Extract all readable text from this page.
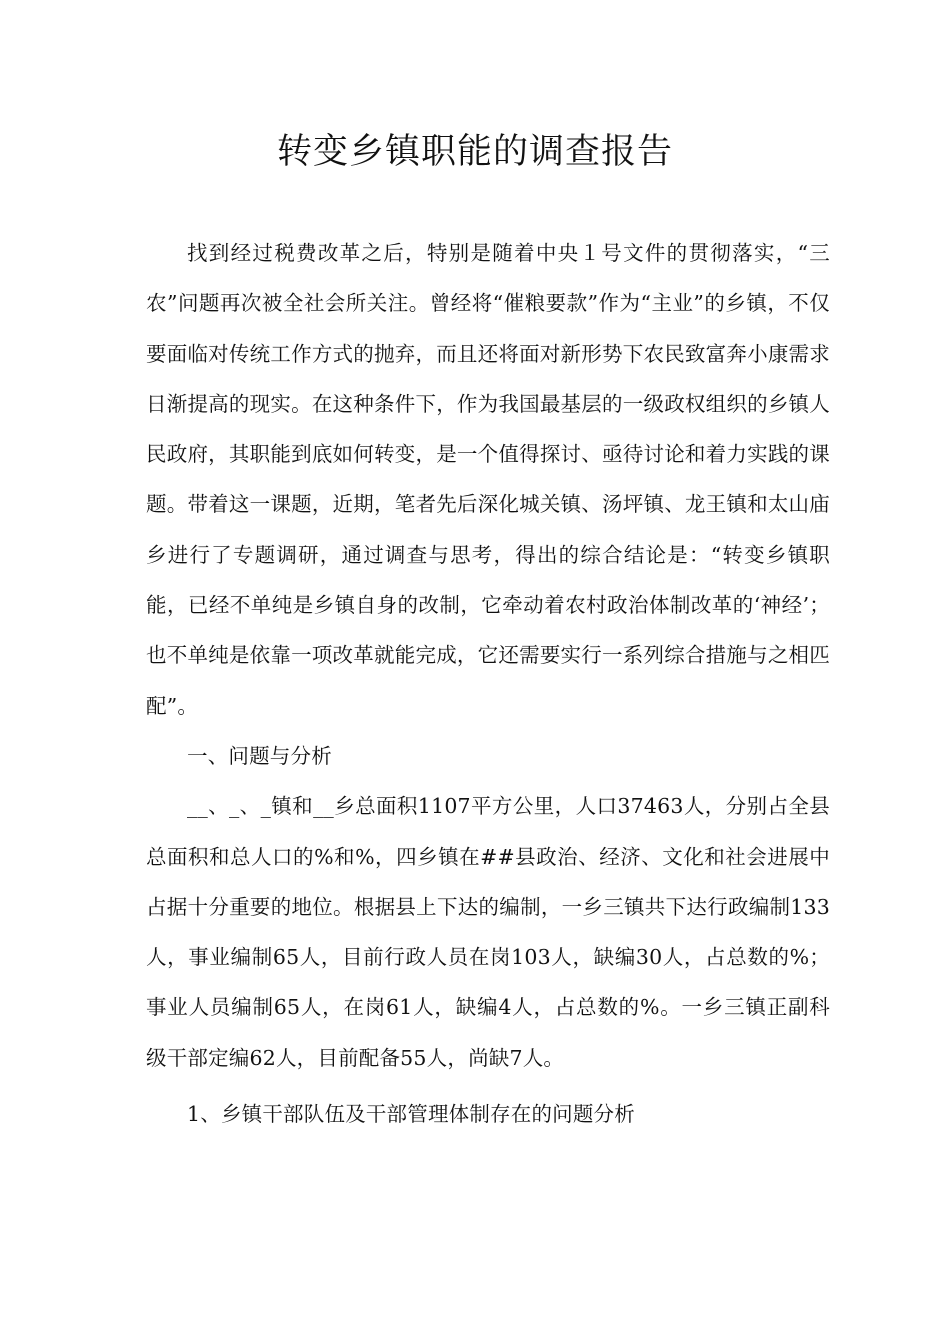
转变乡镇职能的调查报告

找到经过税费改革之后，特别是随着中央１号文件的贯彻落实，“三农”问题再次被全社会所关注。曾经将“催粮要款”作为“主业”的乡镇，不仅要面临对传统工作方式的抛弃，而且还将面对新形势下农民致富奔小康需求日渐提高的现实。在这种条件下，作为我国最基层的一级政权组织的乡镇人民政府，其职能到底如何转变，是一个值得探讨、亟待讨论和着力实践的课题。带着这一课题，近期，笔者先后深化城关镇、汤坪镇、龙王镇和太山庙乡进行了专题调研，通过调查与思考，得出的综合结论是：“转变乡镇职能，已经不单纯是乡镇自身的改制，它牵动着农村政治体制改革的‘神经’；也不单纯是依靠一项改革就能完成，它还需要实行一系列综合措施与之相匹配”。

一、问题与分析

__、_、_镇和__乡总面积1107平方公里，人口37463人，分别占全县总面积和总人口的%和%，四乡镇在##县政治、经济、文化和社会进展中占据十分重要的地位。根据县上下达的编制，一乡三镇共下达行政编制133人，事业编制65人，目前行政人员在岗103人，缺编30人，占总数的%；事业人员编制65人，在岗61人，缺编4人，占总数的%。一乡三镇正副科级干部定编62人，目前配备55人，尚缺7人。

1、乡镇干部队伍及干部管理体制存在的问题分析
